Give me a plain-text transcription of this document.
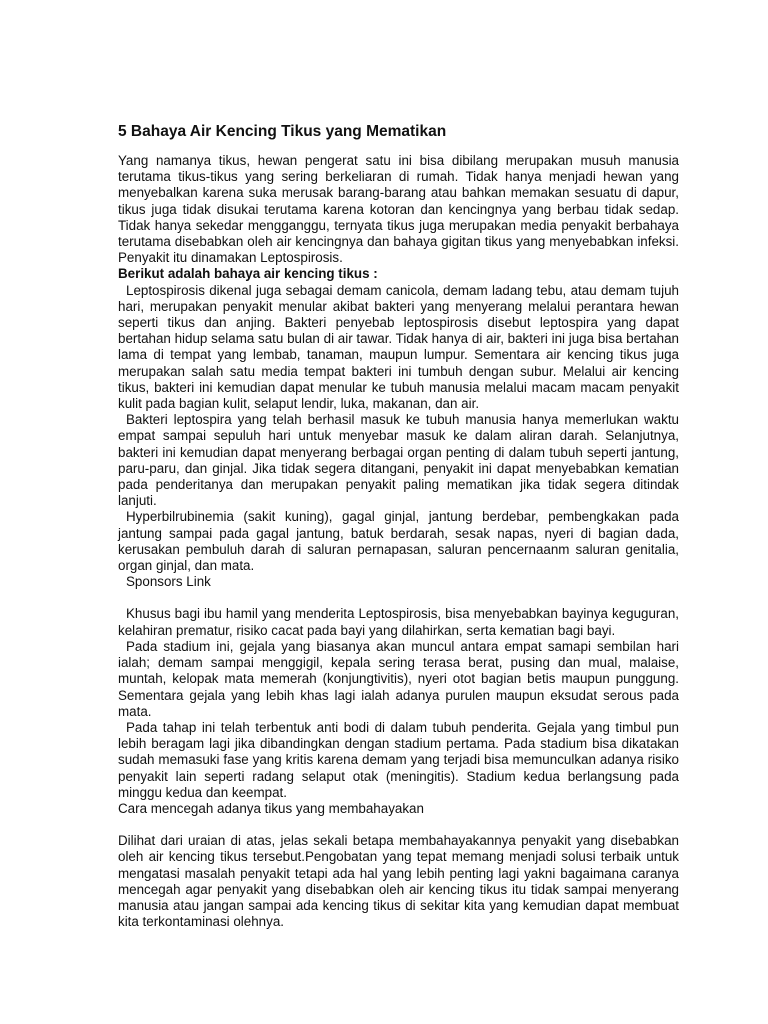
5 Bahaya Air Kencing Tikus yang Mematikan

Yang namanya tikus, hewan pengerat satu ini bisa dibilang merupakan musuh manusia terutama tikus-tikus yang sering berkeliaran di rumah. Tidak hanya menjadi hewan yang menyebalkan karena suka merusak barang-barang atau bahkan memakan sesuatu di dapur, tikus juga tidak disukai terutama karena kotoran dan kencingnya yang berbau tidak sedap. Tidak hanya sekedar mengganggu, ternyata tikus juga merupakan media penyakit berbahaya terutama disebabkan oleh air kencingnya dan bahaya gigitan tikus yang menyebabkan infeksi. Penyakit itu dinamakan Leptospirosis.

Berikut adalah bahaya air kencing tikus :

Leptospirosis dikenal juga sebagai demam canicola, demam ladang tebu, atau demam tujuh hari, merupakan penyakit menular akibat bakteri yang menyerang melalui perantara hewan seperti tikus dan anjing. Bakteri penyebab leptospirosis disebut leptospira yang dapat bertahan hidup selama satu bulan di air tawar. Tidak hanya di air, bakteri ini juga bisa bertahan lama di tempat yang lembab, tanaman, maupun lumpur. Sementara air kencing tikus juga merupakan salah satu media tempat bakteri ini tumbuh dengan subur. Melalui air kencing tikus, bakteri ini kemudian dapat menular ke tubuh manusia melalui macam macam penyakit kulit pada bagian kulit, selaput lendir, luka, makanan, dan air.

Bakteri leptospira yang telah berhasil masuk ke tubuh manusia hanya memerlukan waktu empat sampai sepuluh hari untuk menyebar masuk ke dalam aliran darah. Selanjutnya, bakteri ini kemudian dapat menyerang berbagai organ penting di dalam tubuh seperti jantung, paru-paru, dan ginjal. Jika tidak segera ditangani, penyakit ini dapat menyebabkan kematian pada penderitanya dan merupakan penyakit paling mematikan jika tidak segera ditindak lanjuti.

Hyperbilrubinemia (sakit kuning), gagal ginjal, jantung berdebar, pembengkakan pada jantung sampai pada gagal jantung, batuk berdarah, sesak napas, nyeri di bagian dada, kerusakan pembuluh darah di saluran pernapasan, saluran pencernaanm saluran genitalia, organ ginjal, dan mata.

Sponsors Link

Khusus bagi ibu hamil yang menderita Leptospirosis, bisa menyebabkan bayinya keguguran, kelahiran prematur, risiko cacat pada bayi yang dilahirkan, serta kematian bagi bayi.

Pada stadium ini, gejala yang biasanya akan muncul antara empat samapi sembilan hari ialah; demam sampai menggigil, kepala sering terasa berat, pusing dan mual, malaise, muntah, kelopak mata memerah (konjungtivitis), nyeri otot bagian betis maupun punggung. Sementara gejala yang lebih khas lagi ialah adanya purulen maupun eksudat serous pada mata.

Pada tahap ini telah terbentuk anti bodi di dalam tubuh penderita. Gejala yang timbul pun lebih beragam lagi jika dibandingkan dengan stadium pertama. Pada stadium bisa dikatakan sudah memasuki fase yang kritis karena demam yang terjadi bisa memunculkan adanya risiko penyakit lain seperti radang selaput otak (meningitis). Stadium kedua berlangsung pada minggu kedua dan keempat.

Cara mencegah adanya tikus yang membahayakan

Dilihat dari uraian di atas, jelas sekali betapa membahayakannya penyakit yang disebabkan oleh air kencing tikus tersebut.Pengobatan yang tepat memang menjadi solusi terbaik untuk mengatasi masalah penyakit tetapi ada hal yang lebih penting lagi yakni bagaimana caranya mencegah agar penyakit yang disebabkan oleh air kencing tikus itu tidak sampai menyerang manusia atau jangan sampai ada kencing tikus di sekitar kita yang kemudian dapat membuat kita terkontaminasi olehnya.
